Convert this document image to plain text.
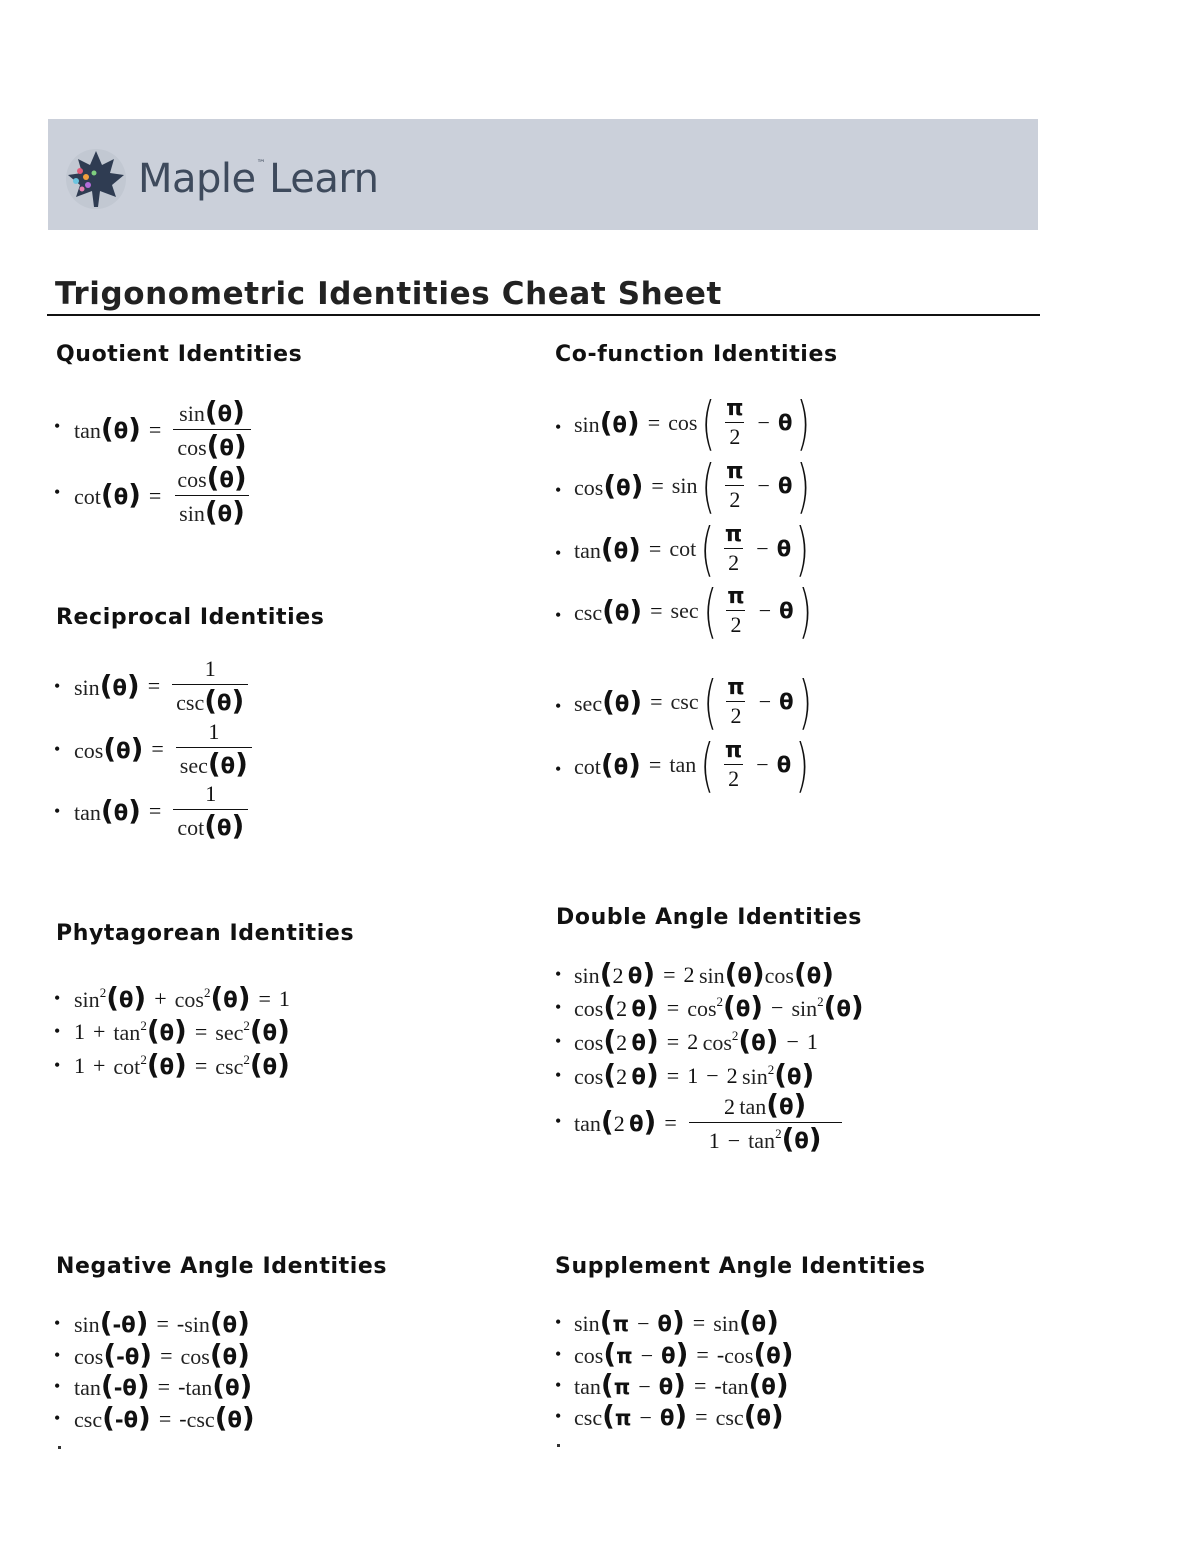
Maple™ Learn
Trigonometric Identities Cheat Sheet
Quotient Identities	Co-function Identities
Reciprocal Identities
Phytagorean Identities
Double Angle Identities
Negative Angle Identities	Supplement Angle Identities
• $\tan(\theta) = \frac{\sin(\theta)}{\cos(\theta)}$
• $\cot(\theta) = \frac{\cos(\theta)}{\sin(\theta)}$
• $\sin(\theta) = \frac{1}{\csc(\theta)}$
• $\cos(\theta) = \frac{1}{\sec(\theta)}$
• $\tan(\theta) = \frac{1}{\cot(\theta)}$
• sin(θ) = cos ( $\frac{\pi}{2} - \theta$ )
• cos(θ) = sin ( $\frac{\pi}{2} - \theta$ )
• tan(θ) = cot ( $\frac{\pi}{2} - \theta$ )
• csc(θ) = sec ( $\frac{\pi}{2} - \theta$ )
• sec(θ) = csc ( $\frac{\pi}{2} - \theta$ )
• cot(θ) = tan ( $\frac{\pi}{2} - \theta$ )
• $\sin^2(\theta) + \cos^2(\theta) = 1$
• $1 + \tan^2(\theta) = \sec^2(\theta)$
• $1 + \cot^2(\theta) = \csc^2(\theta)$
• sin(2  θ) = 2
  sin(θ) cos(θ)
• cos(2  $\theta) = \cos^2(\theta) - \sin^2(\theta)$
• cos(2  θ) = 2
  $\cos^2(\theta) - 1$
• cos(2  θ) = 1 − 2
  $\sin^2(\theta)$
• tan(2  $\theta) = \frac{2 \tan(\theta)}{1 - \tan^2(\theta)}$
• sin(-θ) = - sin(θ)
• cos(-θ) = cos(θ)
• tan(-θ) = - tan(θ)
• csc(-θ) = - csc(θ)
• sin(π − θ) = sin(θ)
• cos(π − θ) = - cos(θ)
• tan(π − θ) = - tan(θ)
• csc(π − θ) = csc(θ)
